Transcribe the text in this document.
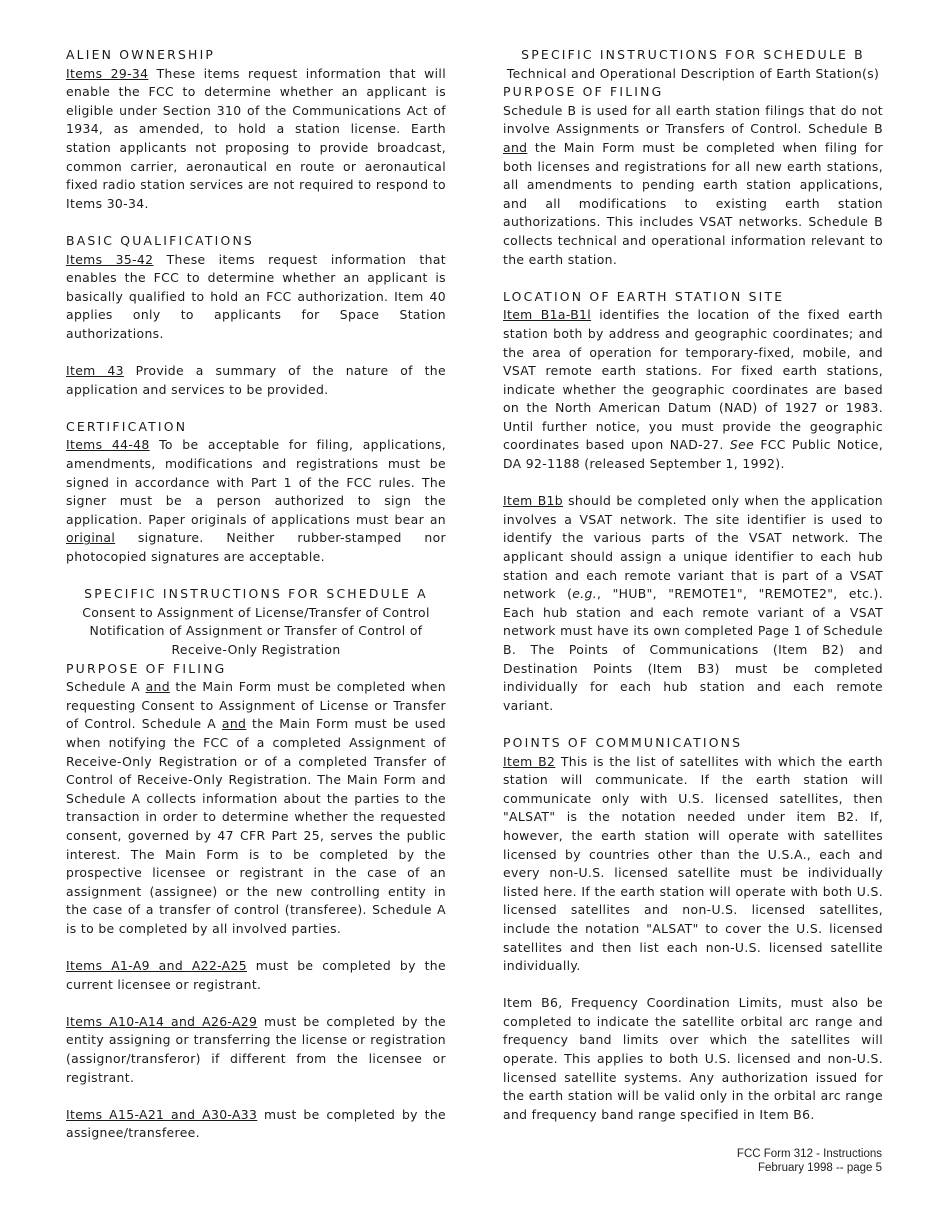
ALIEN OWNERSHIP

Items 29-34 These items request information that will enable the FCC to determine whether an applicant is eligible under Section 310 of the Communications Act of 1934, as amended, to hold a station license. Earth station applicants not proposing to provide broadcast, common carrier, aeronautical en route or aeronautical fixed radio station services are not required to respond to Items 30-34.

BASIC QUALIFICATIONS

Items 35-42 These items request information that enables the FCC to determine whether an applicant is basically qualified to hold an FCC authorization. Item 40 applies only to applicants for Space Station authorizations.

Item 43 Provide a summary of the nature of the application and services to be provided.

CERTIFICATION

Items 44-48 To be acceptable for filing, applications, amendments, modifications and registrations must be signed in accordance with Part 1 of the FCC rules. The signer must be a person authorized to sign the application. Paper originals of applications must bear an original signature. Neither rubber-stamped nor photocopied signatures are acceptable.

SPECIFIC INSTRUCTIONS FOR SCHEDULE A

Consent to Assignment of License/Transfer of Control

Notification of Assignment or Transfer of Control of

Receive-Only Registration

PURPOSE OF FILING

Schedule A and the Main Form must be completed when requesting Consent to Assignment of License or Transfer of Control. Schedule A and the Main Form must be used when notifying the FCC of a completed Assignment of Receive-Only Registration or of a completed Transfer of Control of Receive-Only Registration. The Main Form and Schedule A collects information about the parties to the transaction in order to determine whether the requested consent, governed by 47 CFR Part 25, serves the public interest. The Main Form is to be completed by the prospective licensee or registrant in the case of an assignment (assignee) or the new controlling entity in the case of a transfer of control (transferee). Schedule A is to be completed by all involved parties.

Items A1-A9 and A22-A25 must be completed by the current licensee or registrant.

Items A10-A14 and A26-A29 must be completed by the entity assigning or transferring the license or registration (assignor/transferor) if different from the licensee or registrant.

Items A15-A21 and A30-A33 must be completed by the assignee/transferee.

SPECIFIC INSTRUCTIONS FOR SCHEDULE B

Technical and Operational Description of Earth Station(s)

PURPOSE OF FILING

Schedule B is used for all earth station filings that do not involve Assignments or Transfers of Control. Schedule B and the Main Form must be completed when filing for both licenses and registrations for all new earth stations, all amendments to pending earth station applications, and all modifications to existing earth station authorizations. This includes VSAT networks. Schedule B collects technical and operational information relevant to the earth station.

LOCATION OF EARTH STATION SITE

Item B1a-B1l identifies the location of the fixed earth station both by address and geographic coordinates; and the area of operation for temporary-fixed, mobile, and VSAT remote earth stations. For fixed earth stations, indicate whether the geographic coordinates are based on the North American Datum (NAD) of 1927 or 1983. Until further notice, you must provide the geographic coordinates based upon NAD-27. See FCC Public Notice, DA 92-1188 (released September 1, 1992).

Item B1b should be completed only when the application involves a VSAT network. The site identifier is used to identify the various parts of the VSAT network. The applicant should assign a unique identifier to each hub station and each remote variant that is part of a VSAT network (e.g., "HUB", "REMOTE1", "REMOTE2", etc.). Each hub station and each remote variant of a VSAT network must have its own completed Page 1 of Schedule B. The Points of Communications (Item B2) and Destination Points (Item B3) must be completed individually for each hub station and each remote variant.

POINTS OF COMMUNICATIONS

Item B2 This is the list of satellites with which the earth station will communicate. If the earth station will communicate only with U.S. licensed satellites, then "ALSAT" is the notation needed under item B2. If, however, the earth station will operate with satellites licensed by countries other than the U.S.A., each and every non-U.S. licensed satellite must be individually listed here. If the earth station will operate with both U.S. licensed satellites and non-U.S. licensed satellites, include the notation "ALSAT" to cover the U.S. licensed satellites and then list each non-U.S. licensed satellite individually.

Item B6, Frequency Coordination Limits, must also be completed to indicate the satellite orbital arc range and frequency band limits over which the satellites will operate. This applies to both U.S. licensed and non-U.S. licensed satellite systems. Any authorization issued for the earth station will be valid only in the orbital arc range and frequency band range specified in Item B6.

FCC Form 312 - Instructions
February 1998 -- page 5
